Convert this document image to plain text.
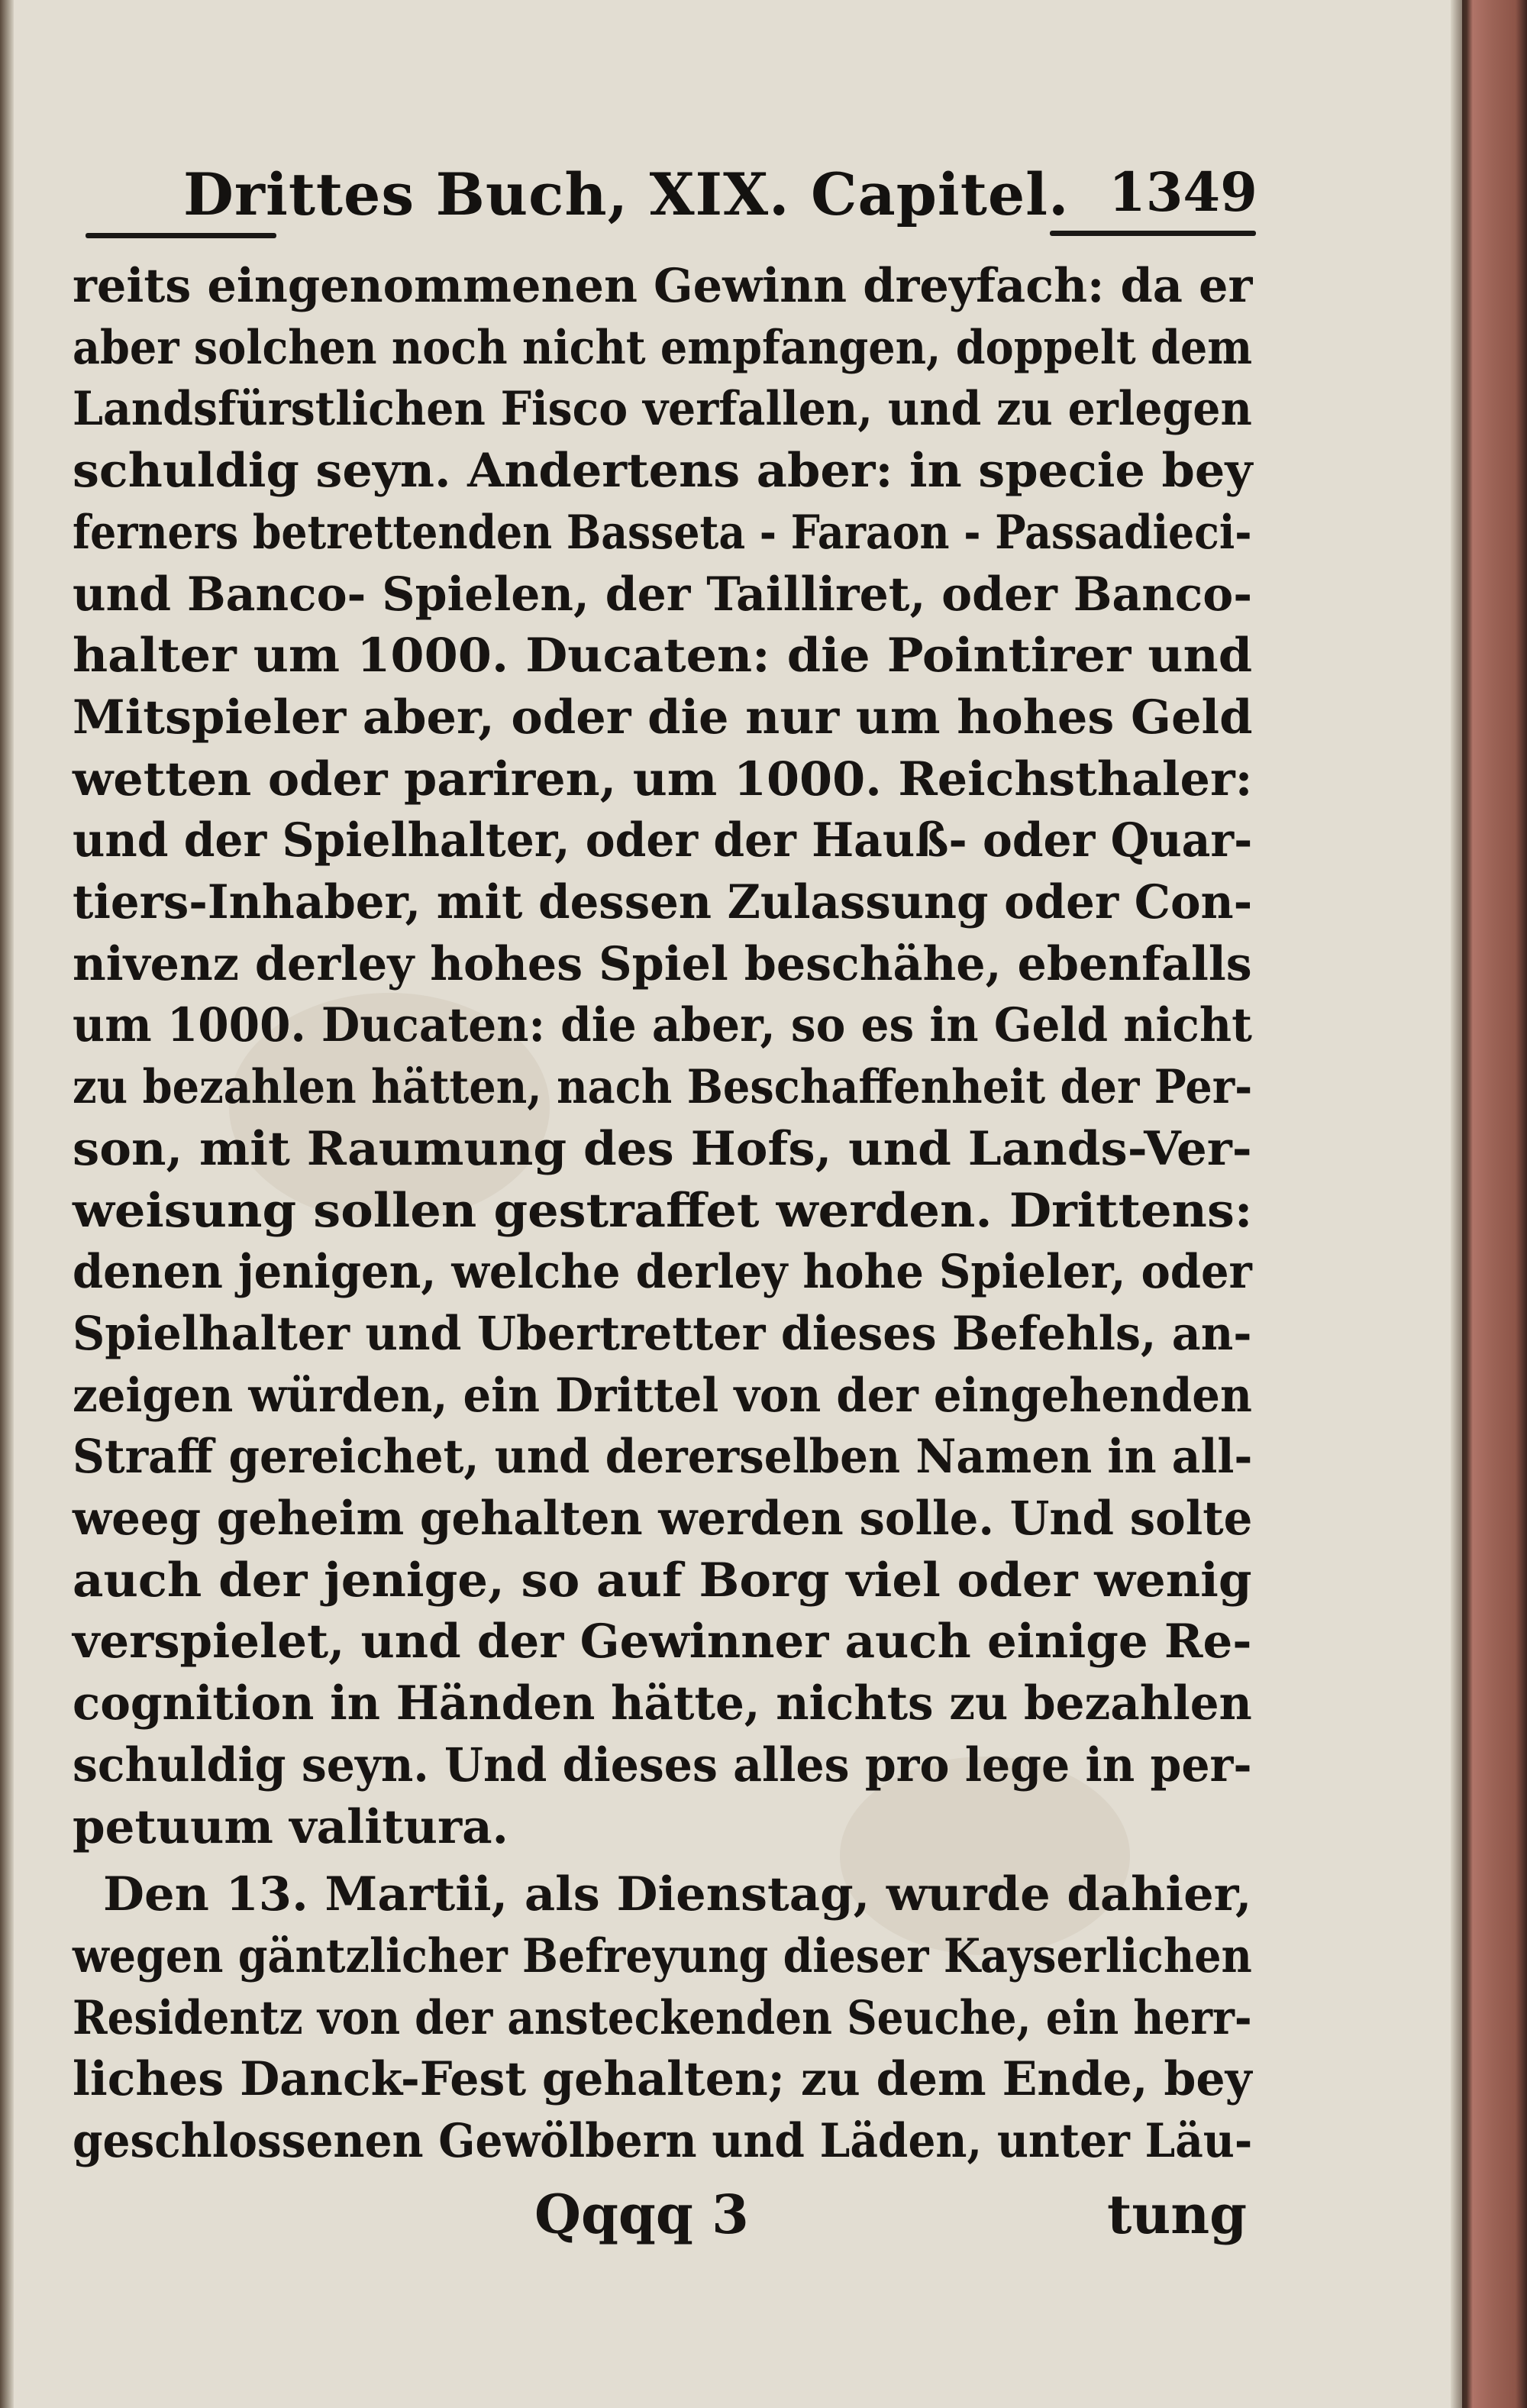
Drittes Buch, XIX. Capitel. 1349
reits eingenommenen Gewinn dreyfach: da er
aber solchen noch nicht empfangen, doppelt dem
Landsfürstlichen Fisco verfallen, und zu erlegen
schuldig seyn. Andertens aber: in specie bey
ferners betrettenden Basseta - Faraon - Passadieci-
und Banco- Spielen, der Tailliret, oder Banco-
halter um 1000. Ducaten: die Pointirer und
Mitspieler aber, oder die nur um hohes Geld
wetten oder pariren, um 1000. Reichsthaler:
und der Spielhalter, oder der Hauß- oder Quar-
tiers-Inhaber, mit dessen Zulassung oder Con-
nivenz derley hohes Spiel beschähe, ebenfalls
um 1000. Ducaten: die aber, so es in Geld nicht
zu bezahlen hätten, nach Beschaffenheit der Per-
son, mit Raumung des Hofs, und Lands-Ver-
weisung sollen gestraffet werden. Drittens:
denen jenigen, welche derley hohe Spieler, oder
Spielhalter und Ubertretter dieses Befehls, an-
zeigen würden, ein Drittel von der eingehenden
Straff gereichet, und dererselben Namen in all-
weeg geheim gehalten werden solle. Und solte
auch der jenige, so auf Borg viel oder wenig
verspielet, und der Gewinner auch einige Re-
cognition in Händen hätte, nichts zu bezahlen
schuldig seyn. Und dieses alles pro lege in per-
petuum valitura.
Den 13. Martii, als Dienstag, wurde dahier,
wegen gäntzlicher Befreyung dieser Kayserlichen
Residentz von der ansteckenden Seuche, ein herr-
liches Danck-Fest gehalten; zu dem Ende, bey
geschlossenen Gewölbern und Läden, unter Läu-
Qqqq 3	tung
